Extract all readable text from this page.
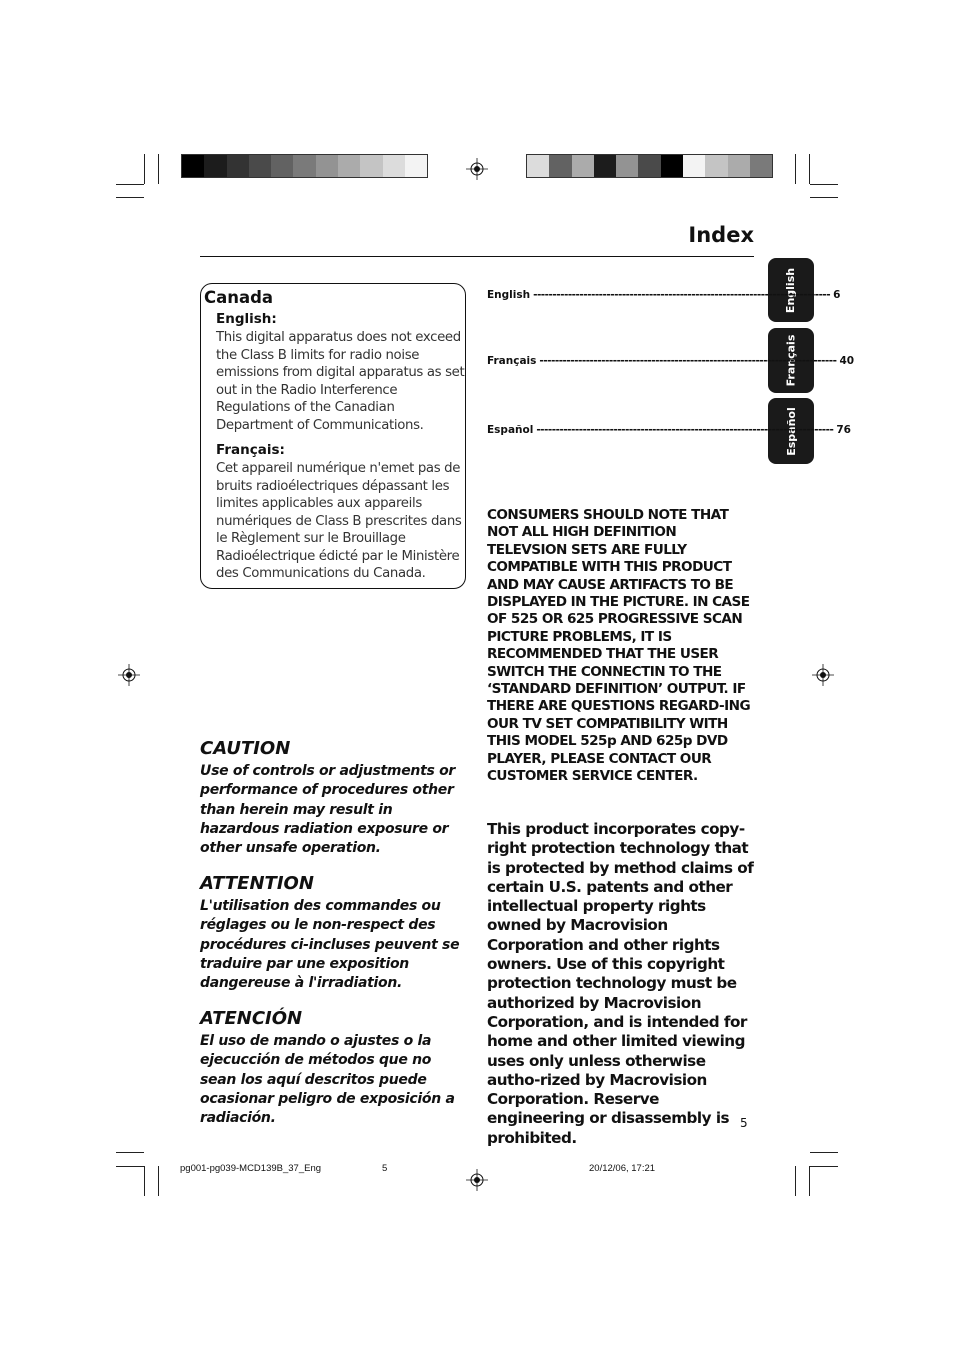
Index
English
Français
Español
Canada
English:
This digital apparatus does not exceed the Class B limits for radio noise emissions from digital apparatus as set out in the Radio Interference Regulations of the Canadian Department of Communications.
Français:
Cet appareil numérique n'emet pas de bruits radioélectriques dépassant les limites applicables aux appareils numériques de Class B prescrites dans le Règlement sur le Brouillage Radioélectrique édicté par le Ministère des Communications du Canada.
English ----------------------------------------------------------------------------- 6
Français ----------------------------------------------------------------------------- 40
Español ----------------------------------------------------------------------------- 76
CONSUMERS SHOULD NOTE THAT NOT ALL HIGH DEFINITION TELEVSION SETS ARE FULLY COMPATIBLE WITH THIS PRODUCT AND MAY CAUSE ARTIFACTS TO BE DISPLAYED IN THE PICTURE. IN CASE OF 525 OR 625 PROGRESSIVE SCAN PICTURE PROBLEMS, IT IS RECOMMENDED THAT THE USER SWITCH THE CONNECTIN TO THE ‘STANDARD DEFINITION’ OUTPUT. IF THERE ARE QUESTIONS REGARD-ING OUR TV SET COMPATIBILITY WITH THIS MODEL 525p AND 625p DVD PLAYER, PLEASE CONTACT OUR CUSTOMER SERVICE CENTER.
This product incorporates copy-right protection technology that is protected by method claims of certain U.S. patents and other intellectual property rights owned by Macrovision Corporation and other rights owners. Use of this copyright protection technology must be authorized by Macrovision Corporation, and is intended for home and other limited viewing uses only unless otherwise autho-rized by Macrovision Corporation. Reserve engineering or disassembly is prohibited.
CAUTION
Use of controls or adjustments or performance of procedures other than herein may result in hazardous radiation exposure or other unsafe operation.
ATTENTION
L'utilisation des commandes ou réglages ou le non-respect des procédures ci-incluses peuvent se traduire par une exposition dangereuse à l'irradiation.
ATENCIÓN
El uso de mando o ajustes o la ejecucción de métodos que no sean los aquí descritos puede ocasionar peligro de exposición a radiación.	5
pg001-pg039-MCD139B_37_Eng	5	20/12/06, 17:21
